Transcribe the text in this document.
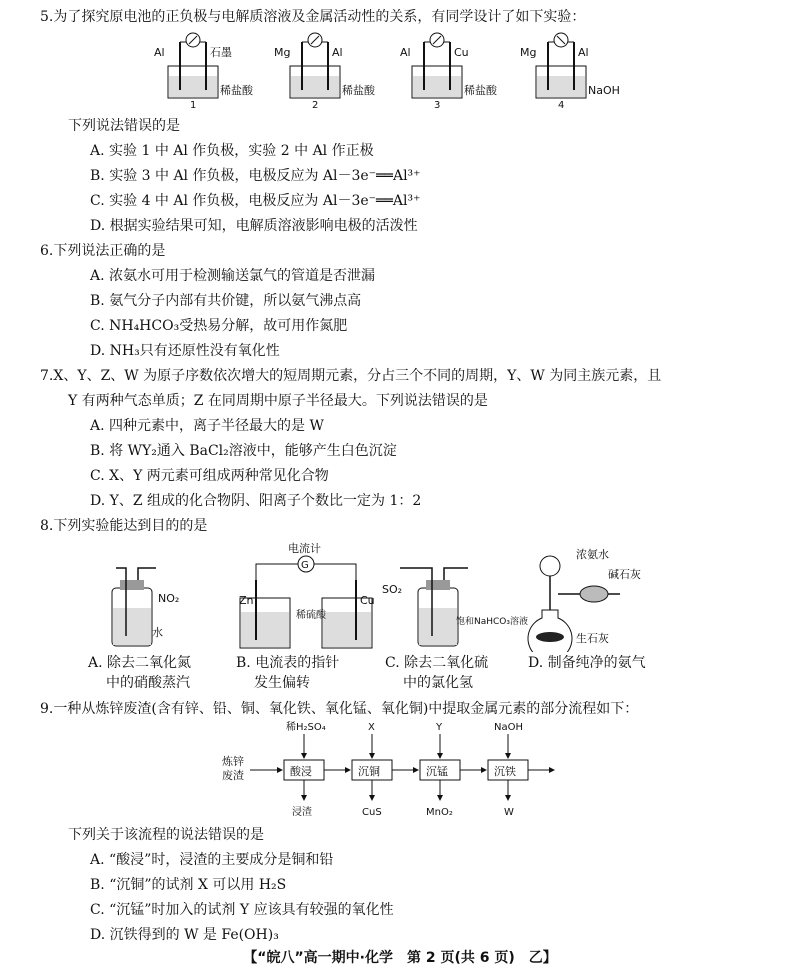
5.为了探究原电池的正负极与电解质溶液及金属活动性的关系，有同学设计了如下实验：
Al	石墨
稀盐酸
1
Mg	Al
稀盐酸
2
Al	Cu
稀盐酸
3
Mg	Al
NaOH
4
下列说法错误的是
A. 实验 1 中 Al 作负极，实验 2 中 Al 作正极
B. 实验 3 中 Al 作负极，电极反应为 Al－3e⁻══Al³⁺
C. 实验 4 中 Al 作负极，电极反应为 Al－3e⁻══Al³⁺
D. 根据实验结果可知，电解质溶液影响电极的活泼性
6.下列说法正确的是
A. 浓氨水可用于检测输送氯气的管道是否泄漏
B. 氨气分子内部有共价键，所以氨气沸点高
C. NH₄HCO₃受热易分解，故可用作氮肥
D. NH₃只有还原性没有氧化性
7.X、Y、Z、W 为原子序数依次增大的短周期元素，分占三个不同的周期，Y、W 为同主族元素，且
Y 有两种气态单质；Z 在同周期中原子半径最大。下列说法错误的是
A. 四种元素中，离子半径最大的是 W
B. 将 WY₂通入 BaCl₂溶液中，能够产生白色沉淀
C. X、Y 两元素可组成两种常见化合物
D. Y、Z 组成的化合物阴、阳离子个数比一定为 1：2
8.下列实验能达到目的的是
NO₂
水
G
电流计
Zn	Cu
稀硫酸
SO₂
饱和NaHCO₃溶液
浓氨水
碱石灰
生石灰
A. 除去二氧化氮
中的硝酸蒸汽
B. 电流表的指针
发生偏转
C. 除去二氧化硫
中的氯化氢
D. 制备纯净的氨气
9.一种从炼锌废渣(含有锌、铅、铜、氧化铁、氧化锰、氧化铜)中提取金属元素的部分流程如下：
炼锌
废渣	酸浸	沉铜	沉锰	沉铁
稀H₂SO₄	X	Y	NaOH
浸渣	CuS	MnO₂	W
下列关于该流程的说法错误的是
A. “酸浸”时，浸渣的主要成分是铜和铅
B. “沉铜”的试剂 X 可以用 H₂S
C. “沉锰”时加入的试剂 Y 应该具有较强的氧化性
D. 沉铁得到的 W 是 Fe(OH)₃
【“皖八”高一期中·化学　第 2 页(共 6 页)　乙】
